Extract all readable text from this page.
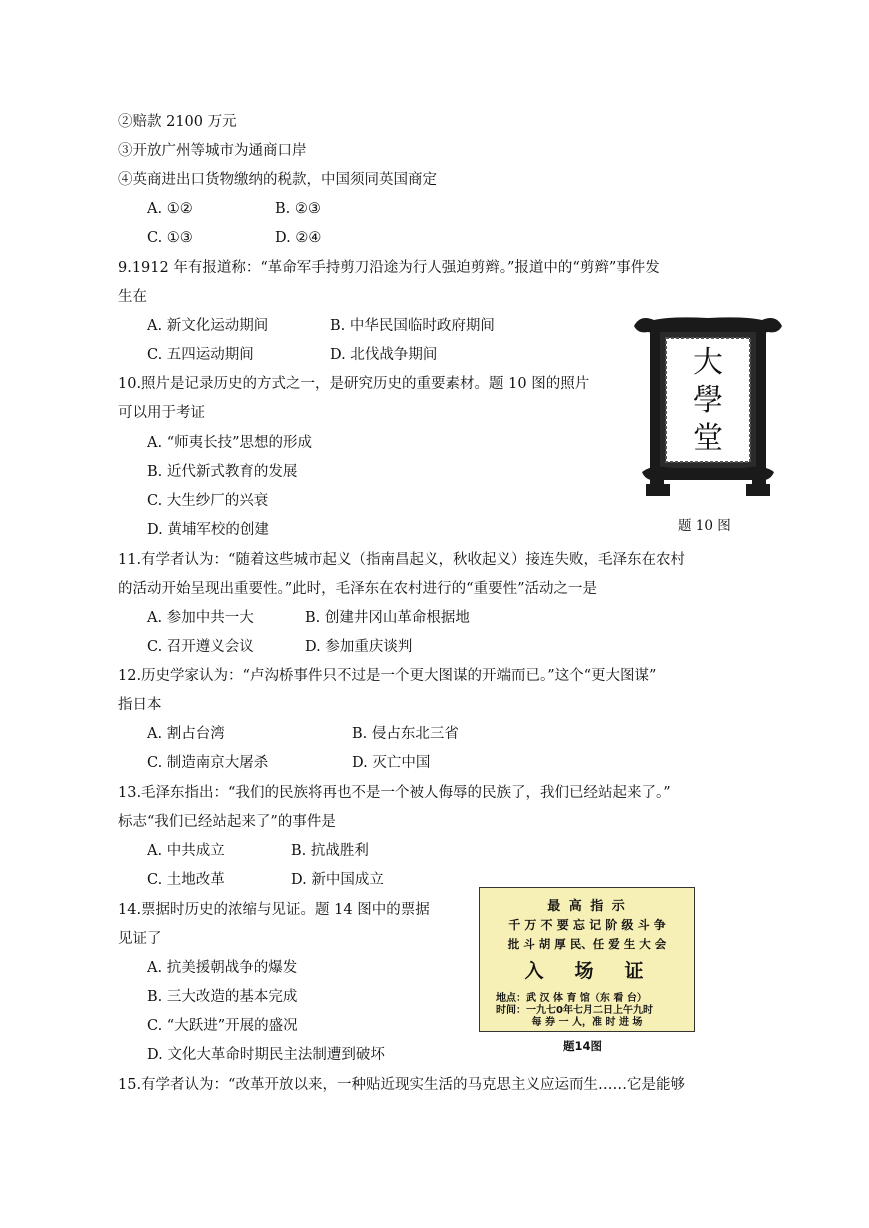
②赔款 2100 万元
③开放广州等城市为通商口岸
④英商进出口货物缴纳的税款，中国须同英国商定
A. ①②	B. ②③
C. ①③	D. ②④
9.1912 年有报道称：“革命军手持剪刀沿途为行人强迫剪辫。”报道中的“剪辫”事件发
生在
A. 新文化运动期间	B. 中华民国临时政府期间
C. 五四运动期间	D. 北伐战争期间
10.照片是记录历史的方式之一，是研究历史的重要素材。题 10 图的照片
可以用于考证
A. “师夷长技”思想的形成
B. 近代新式教育的发展
C. 大生纱厂的兴衰
D. 黄埔军校的创建
大
學
堂
题 10 图
11.有学者认为：“随着这些城市起义（指南昌起义，秋收起义）接连失败，毛泽东在农村
的活动开始呈现出重要性。”此时，毛泽东在农村进行的“重要性”活动之一是
A. 参加中共一大	B. 创建井冈山革命根据地
C. 召开遵义会议	D. 参加重庆谈判
12.历史学家认为：“卢沟桥事件只不过是一个更大图谋的开端而已。”这个“更大图谋”
指日本
A. 割占台湾	B. 侵占东北三省
C. 制造南京大屠杀	D. 灭亡中国
13.毛泽东指出：“我们的民族将再也不是一个被人侮辱的民族了，我们已经站起来了。”
标志“我们已经站起来了”的事件是
A. 中共成立	B. 抗战胜利
C. 土地改革	D. 新中国成立
14.票据时历史的浓缩与见证。题 14 图中的票据
见证了
A. 抗美援朝战争的爆发
B. 三大改造的基本完成
C. “大跃进”开展的盛况
D. 文化大革命时期民主法制遭到破坏
最 高 指 示
千 万 不 要 忘 记 阶 级 斗 争
批 斗 胡 厚 民、任 爱 生 大 会
入　场　证
地点：武 汉 体 育 馆（东 看 台）
时间：一九七0年七月二日上午九时
每 券 一 人，准 时 进 场
题14图
15.有学者认为：“改革开放以来，一种贴近现实生活的马克思主义应运而生……它是能够
